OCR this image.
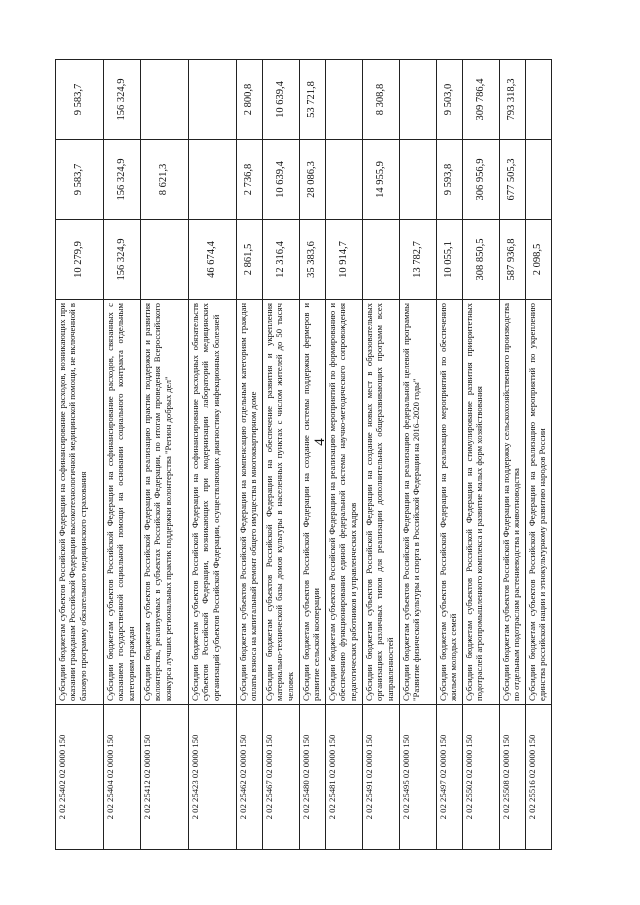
4
2 02 25402 02 0000 150	Субсидии бюджетам субъектов Российской Федерации на софинансирование расходов, возникающих при оказании гражданам Российской Федерации высокотехнологичной медицинской помощи, не включенной в базовую программу обязательного медицинского страхования	10 279,9	9 583,7	9 583,7

2 02 25404 02 0000 150	Субсидии бюджетам субъектов Российской Федерации на софинансирование расходов, связанных с оказанием государственной социальной помощи на основании социального контракта отдельным категориям граждан	156 324,9	156 324,9	156 324,9

2 02 25412 02 0000 150	Субсидии бюджетам субъектов Российской Федерации на реализацию практик поддержки и развития волонтерства, реализуемых в субъектах Российской Федерации, по итогам проведения Всероссийского конкурса лучших региональных практик поддержки волонтерства "Регион добрых дел"		8 621,3	

2 02 25423 02 0000 150	Субсидии бюджетам субъектов Российской Федерации на софинансирование расходных обязательств субъектов Российской Федерации, возникающих при модернизации лабораторий медицинских организаций субъектов Российской Федерации, осуществляющих диагностику инфекционных болезней	46 674,4		

2 02 25462 02 0000 150	Субсидии бюджетам субъектов Российской Федерации на компенсацию отдельным категориям граждан оплаты взноса на капитальный ремонт общего имущества в многоквартирном доме	2 861,5	2 736,8	2 800,8

2 02 25467 02 0000 150	Субсидии бюджетам субъектов Российской Федерации на обеспечение развития и укрепления материально-технической базы домов культуры в населенных пунктах с числом жителей до 50 тысяч человек	12 316,4	10 639,4	10 639,4

2 02 25480 02 0000 150	Субсидии бюджетам субъектов Российской Федерации на создание системы поддержки фермеров и развитие сельской кооперации	35 383,6	28 086,3	53 721,8

2 02 25481 02 0000 150	Субсидии бюджетам субъектов Российской Федерации на реализацию мероприятий по формированию и обеспечению функционирования единой федеральной системы научно-методического сопровождения педагогических работников и управленческих кадров	10 914,7		

2 02 25491 02 0000 150	Субсидии бюджетам субъектов Российской Федерации на создание новых мест в образовательных организациях различных типов для реализации дополнительных общеразвивающих программ всех направленностей		14 955,9	8 308,8

2 02 25495 02 0000 150	Субсидии бюджетам субъектов Российской Федерации на реализацию федеральной целевой программы "Развитие физической культуры и спорта в Российской Федерации на 2016–2020 годы"	13 782,7		

2 02 25497 02 0000 150	Субсидии бюджетам субъектов Российской Федерации на реализацию мероприятий по обеспечению жильем молодых семей	10 055,1	9 593,8	9 503,0

2 02 25502 02 0000 150	Субсидии бюджетам субъектов Российской Федерации на стимулирование развития приоритетных подотраслей агропромышленного комплекса и развитие малых форм хозяйствования	308 850,5	306 956,9	309 786,4

2 02 25508 02 0000 150	Субсидии бюджетам субъектов Российской Федерации на поддержку сельскохозяйственного производства по отдельным подотраслям растениеводства и животноводства	587 936,8	677 505,3	793 318,3

2 02 25516 02 0000 150	Субсидии бюджетам субъектов Российской Федерации на реализацию мероприятий по укреплению единства российской нации и этнокультурному развитию народов России	2 098,5		
